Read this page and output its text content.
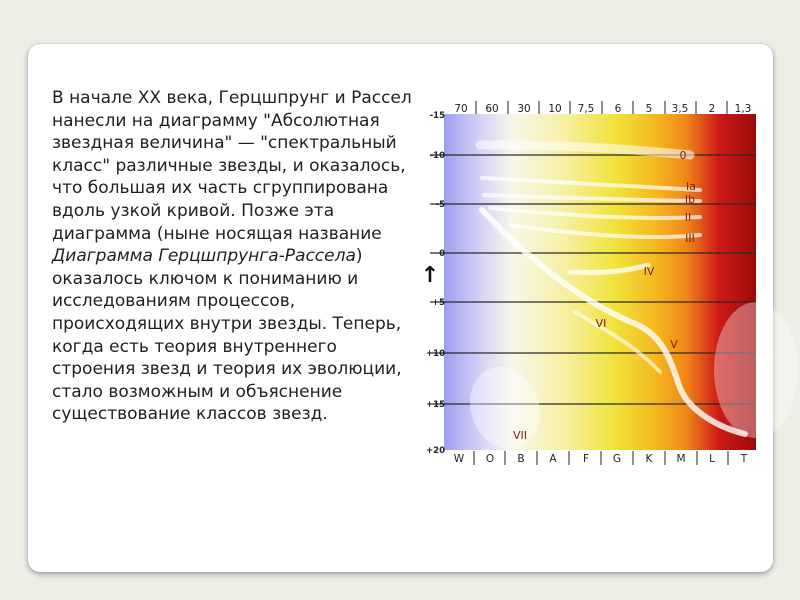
В начале XX века, Герцшпрунг и Рассел нанесли на диаграмму "Абсолютная звездная величина" — "спектральный класс" различные звезды, и оказалось, что большая их часть сгруппирована вдоль узкой кривой. Позже эта диаграмма (ныне носящая название Диаграмма Герцшпрунга-Рассела) оказалось ключом к пониманию и исследованиям процессов, происходящих внутри звезды. Теперь, когда есть теория внутреннего строения звезд и теория их эволюции, стало возможным и объяснение существование классов звезд.

70 60 30 10 7,5 6 5 3,5 2 1,3
-15
-10
-5
0
+5
+10
+15
+20
↑
W O B A	F G K M L T
0
Ia
Ib
II
III
IV
V
VI
VII
